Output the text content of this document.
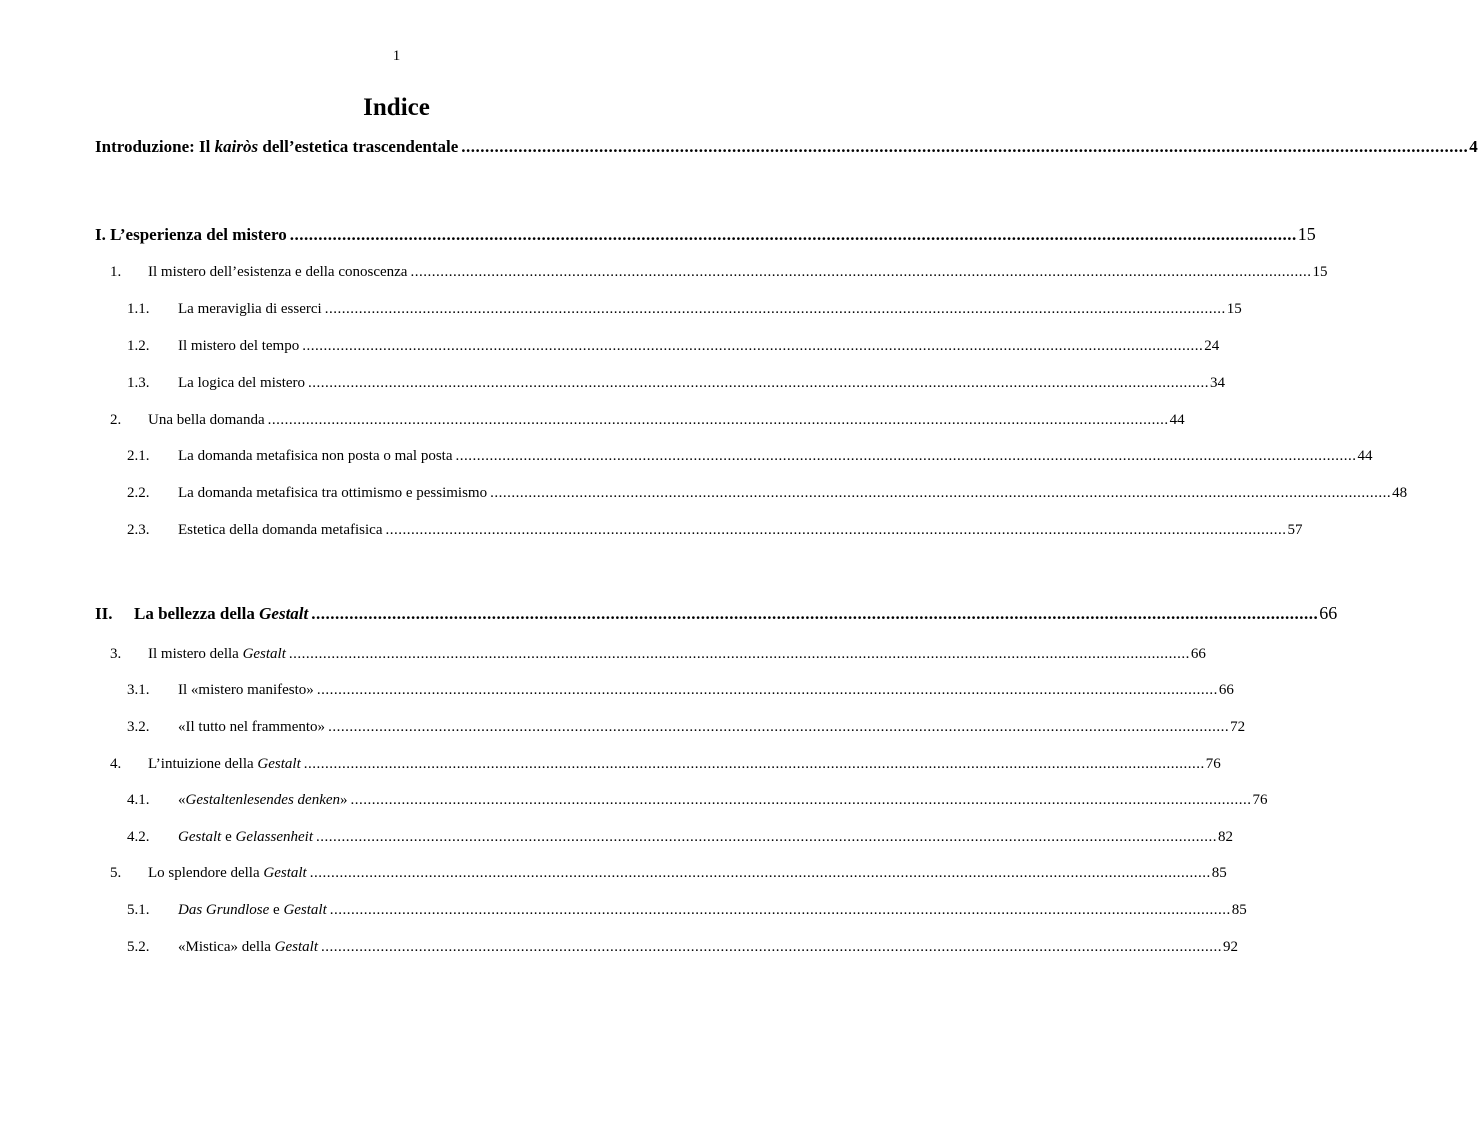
1
Indice
Introduzione: Il kairòs dell’estetica trascendentale .................................................................................................................................................................................................................... 4
I. L’esperienza del mistero .................................................................................................................................................................................................................... 15
1.	Il mistero dell’esistenza e della conoscenza .................................................................................................................................................................................................................... 15
1.1.	La meraviglia di esserci .................................................................................................................................................................................................................... 15
1.2.	Il mistero del tempo .................................................................................................................................................................................................................... 24
1.3.	La logica del mistero .................................................................................................................................................................................................................... 34
2.	Una bella domanda .................................................................................................................................................................................................................... 44
2.1.	La domanda metafisica non posta o mal posta .................................................................................................................................................................................................................... 44
2.2.	La domanda metafisica tra ottimismo e pessimismo .................................................................................................................................................................................................................... 48
2.3.	Estetica della domanda metafisica .................................................................................................................................................................................................................... 57
II.	La bellezza della Gestalt .................................................................................................................................................................................................................... 66
3.	Il mistero della Gestalt .................................................................................................................................................................................................................... 66
3.1.	Il «mistero manifesto» .................................................................................................................................................................................................................... 66
3.2.	«Il tutto nel frammento» .................................................................................................................................................................................................................... 72
4.	L’intuizione della Gestalt .................................................................................................................................................................................................................... 76
4.1.	«Gestaltenlesendes denken» .................................................................................................................................................................................................................... 76
4.2.	Gestalt e Gelassenheit .................................................................................................................................................................................................................... 82
5.	Lo splendore della Gestalt .................................................................................................................................................................................................................... 85
5.1.	Das Grundlose e Gestalt .................................................................................................................................................................................................................... 85
5.2.	«Mistica» della Gestalt .................................................................................................................................................................................................................... 92
